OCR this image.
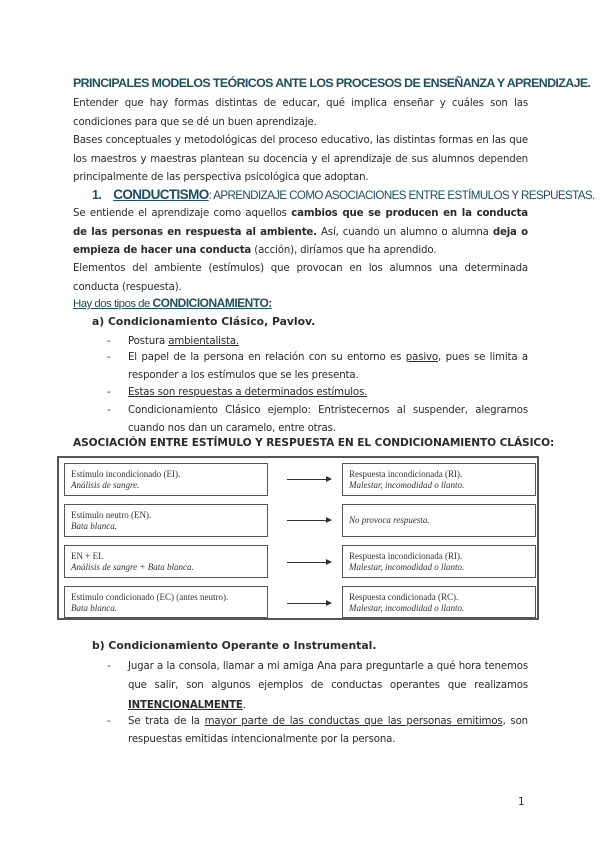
PRINCIPALES MODELOS TEÓRICOS ANTE LOS PROCESOS DE ENSEÑANZA Y APRENDIZAJE.
Entender que hay formas distintas de educar, qué implica enseñar y cuáles son las condiciones para que se dé un buen aprendizaje.
Bases conceptuales y metodológicas del proceso educativo, las distintas formas en las que los maestros y maestras plantean su docencia y el aprendizaje de sus alumnos dependen principalmente de las perspectiva psicológica que adoptan.
1. CONDUCTISMO: APRENDIZAJE COMO ASOCIACIONES ENTRE ESTÍMULOS Y RESPUESTAS.
Se entiende el aprendizaje como aquellos cambios que se producen en la conducta de las personas en respuesta al ambiente. Así, cuando un alumno o alumna deja o empieza de hacer una conducta (acción), diríamos que ha aprendido.
Elementos del ambiente (estímulos) que provocan en los alumnos una determinada conducta (respuesta).
Hay dos tipos de CONDICIONAMIENTO:
a) Condicionamiento Clásico, Pavlov.
- Postura ambientalista.
- El papel de la persona en relación con su entorno es pasivo, pues se limita a responder a los estímulos que se les presenta.
- Estas son respuestas a determinados estímulos.
- Condicionamiento Clásico ejemplo: Entristecernos al suspender, alegrarnos cuando nos dan un caramelo, entre otras.
ASOCIACIÓN ENTRE ESTÍMULO Y RESPUESTA EN EL CONDICIONAMIENTO CLÁSICO:
Estímulo incondicionado (EI).
Análisis de sangre.
Respuesta incondicionada (RI).
Malestar, incomodidad o llanto.
Estímulo neutro (EN).
Bata blanca.
No provoca respuesta.
EN + EI.
Análisis de sangre + Bata blanca.
Respuesta incondicionada (RI).
Malestar, incomodidad o llanto.
Estímulo condicionado (EC) (antes neutro).
Bata blanca.
Respuesta condicionada (RC).
Malestar, incomodidad o llanto.
b) Condicionamiento Operante o Instrumental.
- Jugar a la consola, llamar a mi amiga Ana para preguntarle a qué hora tenemos que salir, son algunos ejemplos de conductas operantes que realizamos INTENCIONALMENTE.
- Se trata de la mayor parte de las conductas que las personas emitimos, son respuestas emitidas intencionalmente por la persona.
1
